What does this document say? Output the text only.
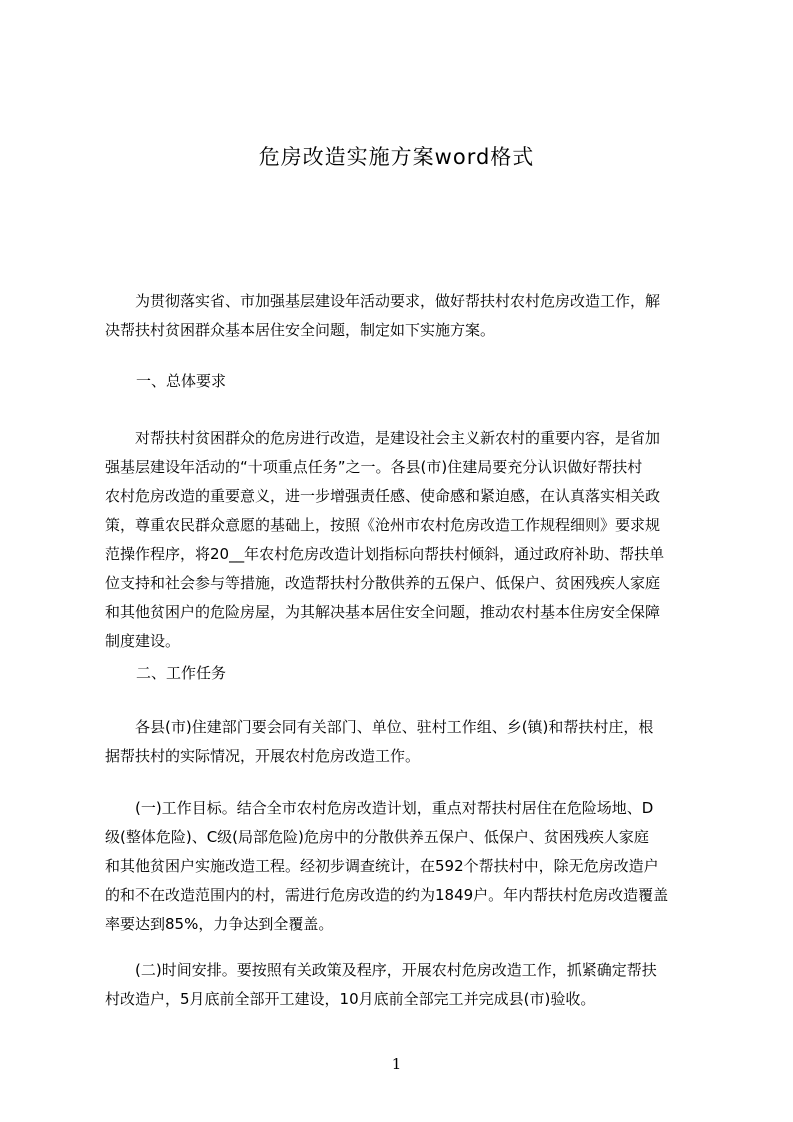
危房改造实施方案word格式
　　为贯彻落实省、市加强基层建设年活动要求，做好帮扶村农村危房改造工作，解
决帮扶村贫困群众基本居住安全问题，制定如下实施方案。
一、总体要求
　　对帮扶村贫困群众的危房进行改造，是建设社会主义新农村的重要内容，是省加
强基层建设年活动的“十项重点任务”之一。各县(市)住建局要充分认识做好帮扶村
农村危房改造的重要意义，进一步增强责任感、使命感和紧迫感，在认真落实相关政
策，尊重农民群众意愿的基础上，按照《沧州市农村危房改造工作规程细则》要求规
范操作程序，将20__年农村危房改造计划指标向帮扶村倾斜，通过政府补助、帮扶单
位支持和社会参与等措施，改造帮扶村分散供养的五保户、低保户、贫困残疾人家庭
和其他贫困户的危险房屋，为其解决基本居住安全问题，推动农村基本住房安全保障
制度建设。
二、工作任务
　　各县(市)住建部门要会同有关部门、单位、驻村工作组、乡(镇)和帮扶村庄，根
据帮扶村的实际情况，开展农村危房改造工作。
　　(一)工作目标。结合全市农村危房改造计划，重点对帮扶村居住在危险场地、D
级(整体危险)、C级(局部危险)危房中的分散供养五保户、低保户、贫困残疾人家庭
和其他贫困户实施改造工程。经初步调查统计，在592个帮扶村中，除无危房改造户
的和不在改造范围内的村，需进行危房改造的约为1849户。年内帮扶村危房改造覆盖
率要达到85%，力争达到全覆盖。
　　(二)时间安排。要按照有关政策及程序，开展农村危房改造工作，抓紧确定帮扶
村改造户，5月底前全部开工建设，10月底前全部完工并完成县(市)验收。
1
